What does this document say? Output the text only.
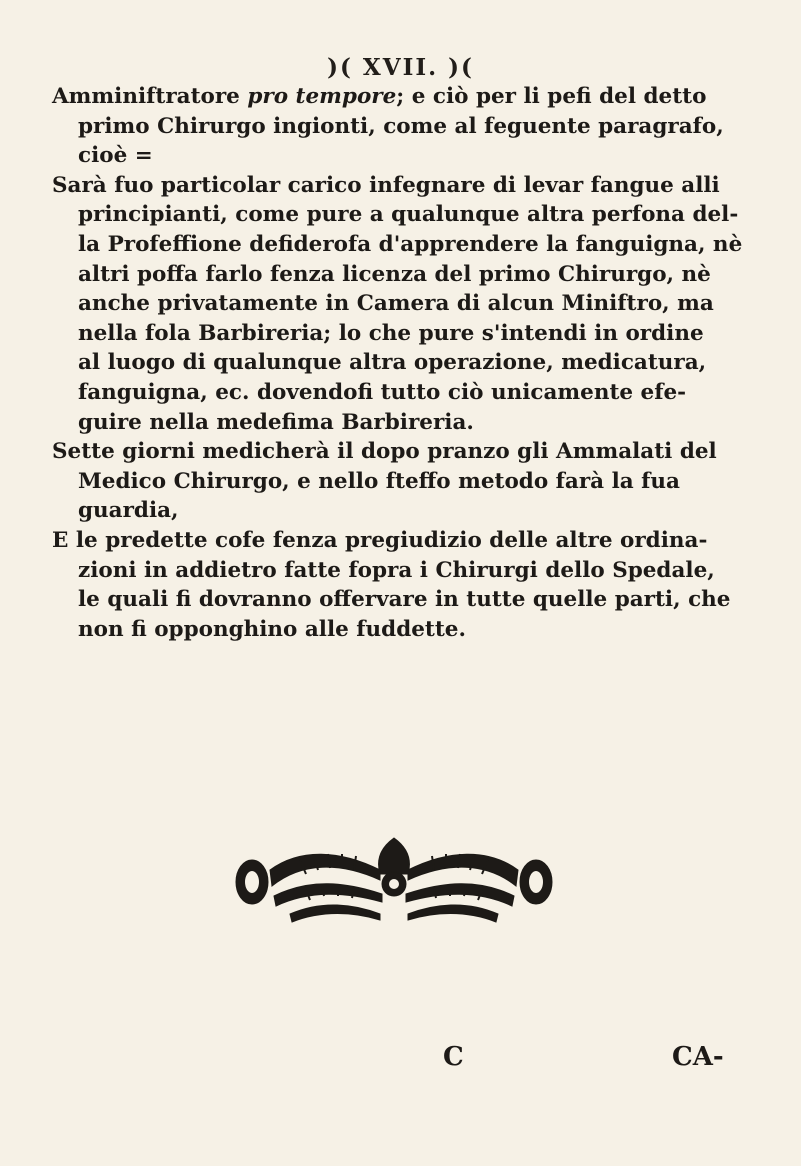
)( XVII. )(
Amminiftratore pro tempore; e ciò per li pefi del detto
primo Chirurgo ingionti, come al feguente paragrafo,
cioè =
Sarà fuo particolar carico infegnare di levar fangue alli
principianti, come pure a qualunque altra perfona del-
la Profeffione defiderofa d'apprendere la fanguigna, nè
altri poffa farlo fenza licenza del primo Chirurgo, nè
anche privatamente in Camera di alcun Miniftro, ma
nella fola Barbireria; lo che pure s'intendi in ordine
al luogo di qualunque altra operazione, medicatura,
fanguigna, ec. dovendofi tutto ciò unicamente efe-
guire nella medefima Barbireria.
Sette giorni medicherà il dopo pranzo gli Ammalati del
Medico Chirurgo, e nello fteffo metodo farà la fua
guardia,
E le predette cofe fenza pregiudizio delle altre ordina-
zioni in addietro fatte fopra i Chirurgi dello Spedale,
le quali fi dovranno offervare in tutte quelle parti, che
non fi opponghino alle fuddette.
C	CA-
